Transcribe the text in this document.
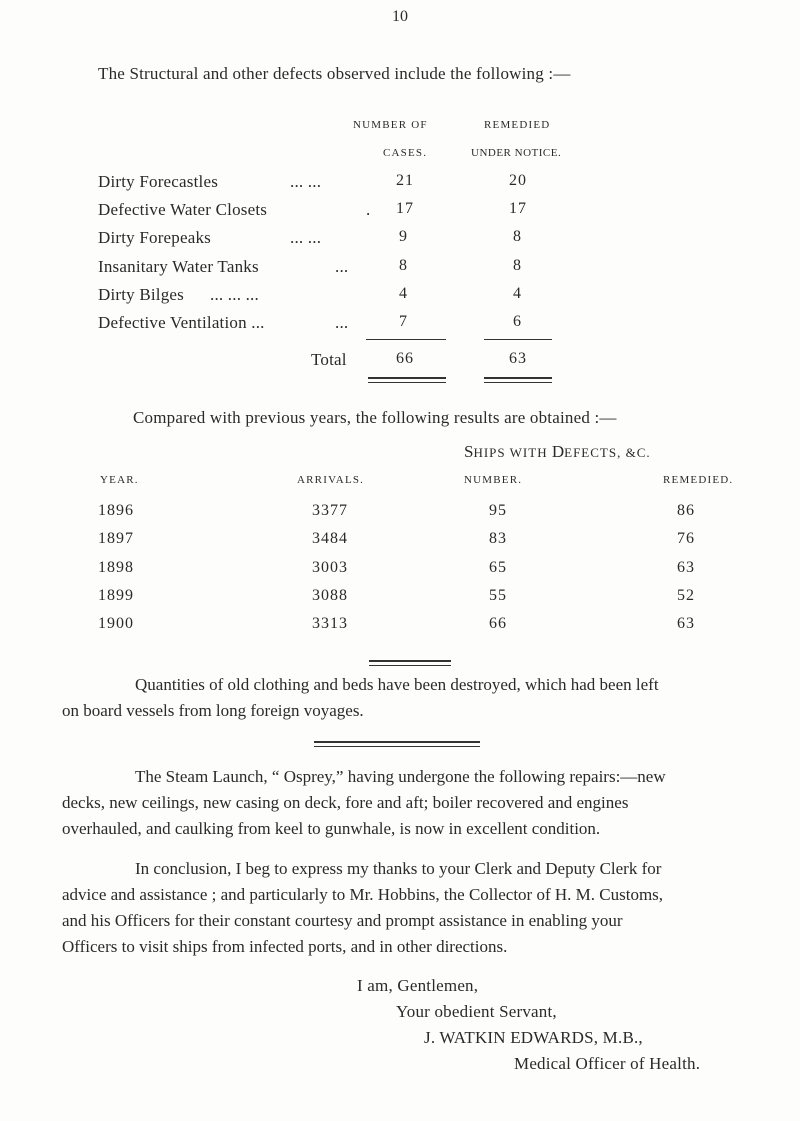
10
The Structural and other defects observed include the following :—
NUMBER OF	REMEDIED
CASES.	UNDER NOTICE.
Dirty Forecastles	... ...	21	20
Defective Water Closets	. 17	17
Dirty Forepeaks	... ...	9	8
Insanitary Water Tanks	...	8	8
Dirty Bilges ... ... ...	4	4
Defective Ventilation ...	...	7	6
Total	66	63
Compared with previous years, the following results are obtained :—
SHIPS WITH DEFECTS, &C.
YEAR.	ARRIVALS.	NUMBER.	REMEDIED.
1896	3377	95	86
1897	3484	83	76
1898	3003	65	63
1899	3088	55	52
1900	3313	66	63
Quantities of old clothing and beds have been destroyed, which had been left
on board vessels from long foreign voyages.
The Steam Launch, “ Osprey,” having undergone the following repairs:—new
decks, new ceilings, new casing on deck, fore and aft; boiler recovered and engines
overhauled, and caulking from keel to gunwhale, is now in excellent condition.
In conclusion, I beg to express my thanks to your Clerk and Deputy Clerk for
advice and assistance ; and particularly to Mr. Hobbins, the Collector of H. M. Customs,
and his Officers for their constant courtesy and prompt assistance in enabling your
Officers to visit ships from infected ports, and in other directions.
I am, Gentlemen,
Your obedient Servant,
J. WATKIN EDWARDS, M.B.,
Medical Officer of Health.
